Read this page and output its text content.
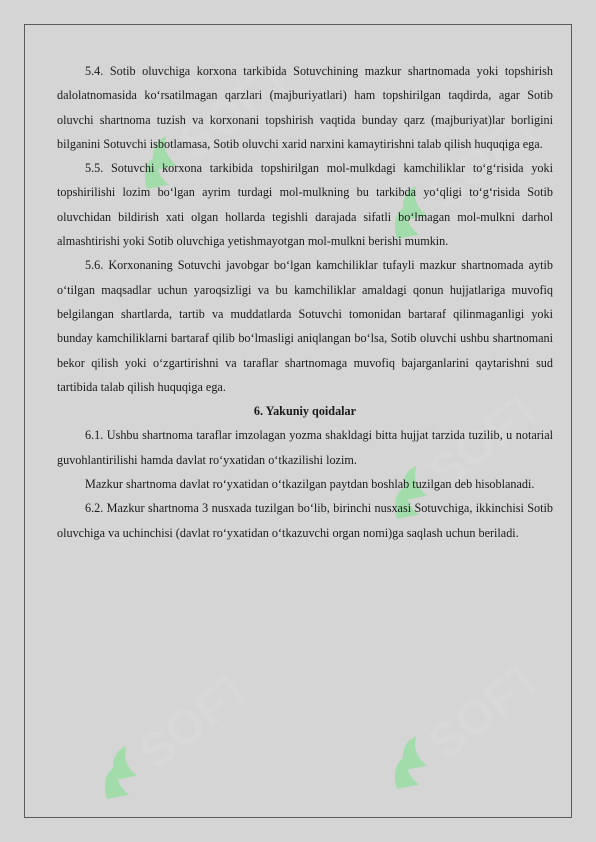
SOFT SOFT
SOFT
SOFT	SOFT

5.4. Sotib oluvchiga korxona tarkibida Sotuvchining mazkur shartnomada yoki topshirish dalolatnomasida ko‘rsatilmagan qarzlari (majburiyatlari) ham topshirilgan taqdirda, agar Sotib oluvchi shartnoma tuzish va korxonani topshirish vaqtida bunday qarz (majburiyat)lar borligini bilganini Sotuvchi isbotlamasa, Sotib oluvchi xarid narxini kamaytirishni talab qilish huquqiga ega.

5.5. Sotuvchi korxona tarkibida topshirilgan mol-mulkdagi kamchiliklar to‘g‘risida yoki topshirilishi lozim bo‘lgan ayrim turdagi mol-mulkning bu tarkibda yo‘qligi to‘g‘risida Sotib oluvchidan bildirish xati olgan hollarda tegishli darajada sifatli bo‘lmagan mol-mulkni darhol almashtirishi yoki Sotib oluvchiga yetishmayotgan mol-mulkni berishi mumkin.

5.6. Korxonaning Sotuvchi javobgar bo‘lgan kamchiliklar tufayli mazkur shartnomada aytib o‘tilgan maqsadlar uchun yaroqsizligi va bu kamchiliklar amaldagi qonun hujjatlariga muvofiq belgilangan shartlarda, tartib va muddatlarda Sotuvchi tomonidan bartaraf qilinmaganligi yoki bunday kamchiliklarni bartaraf qilib bo‘lmasligi aniqlangan bo‘lsa, Sotib oluvchi ushbu shartnomani bekor qilish yoki o‘zgartirishni va taraflar shartnomaga muvofiq bajarganlarini qaytarishni sud tartibida talab qilish huquqiga ega.

6. Yakuniy qoidalar

6.1. Ushbu shartnoma taraflar imzolagan yozma shakldagi bitta hujjat tarzida tuzilib, u notarial guvohlantirilishi hamda davlat ro‘yxatidan o‘tkazilishi lozim.

Mazkur shartnoma davlat ro‘yxatidan o‘tkazilgan paytdan boshlab tuzilgan deb hisoblanadi.

6.2. Mazkur shartnoma 3 nusxada tuzilgan bo‘lib, birinchi nusxasi Sotuvchiga, ikkinchisi Sotib oluvchiga va uchinchisi (davlat ro‘yxatidan o‘tkazuvchi organ nomi)ga saqlash uchun beriladi.
